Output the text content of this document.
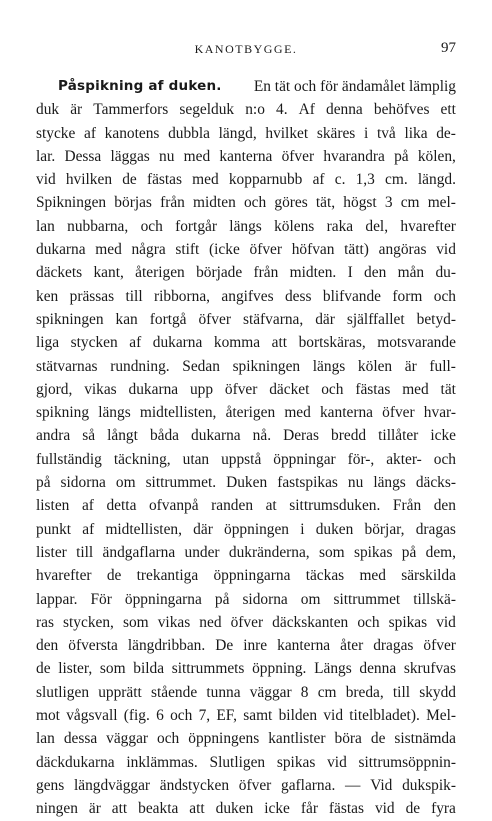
KANOTBYGGE.	97
Påspikning af duken. En tät och för ändamålet lämplig
duk är Tammerfors segelduk n:o 4. Af denna behöfves ett
stycke af kanotens dubbla längd, hvilket skäres i två lika de-
lar. Dessa läggas nu med kanterna öfver hvarandra på kölen,
vid hvilken de fästas med kopparnubb af c. 1,3 cm. längd.
Spikningen börjas från midten och göres tät, högst 3 cm mel-
lan nubbarna, och fortgår längs kölens raka del, hvarefter
dukarna med några stift (icke öfver höfvan tätt) angöras vid
däckets kant, återigen började från midten. I den mån du-
ken prässas till ribborna, angifves dess blifvande form och
spikningen kan fortgå öfver stäfvarna, där själffallet betyd-
liga stycken af dukarna komma att bortskäras, motsvarande
stätvarnas rundning. Sedan spikningen längs kölen är full-
gjord, vikas dukarna upp öfver däcket och fästas med tät
spikning längs midtellisten, återigen med kanterna öfver hvar-
andra så långt båda dukarna nå. Deras bredd tillåter icke
fullständig täckning, utan uppstå öppningar för-, akter- och
på sidorna om sittrummet. Duken fastspikas nu längs däcks-
listen af detta ofvanpå randen at sittrumsduken. Från den
punkt af midtellisten, där öppningen i duken börjar, dragas
lister till ändgaflarna under dukränderna, som spikas på dem,
hvarefter de trekantiga öppningarna täckas med särskilda
lappar. För öppningarna på sidorna om sittrummet tillskä-
ras stycken, som vikas ned öfver däckskanten och spikas vid
den öfversta längdribban. De inre kanterna åter dragas öfver
de lister, som bilda sittrummets öppning. Längs denna skrufvas
slutligen upprätt stående tunna väggar 8 cm breda, till skydd
mot vågsvall (fig. 6 och 7, EF, samt bilden vid titelbladet). Mel-
lan dessa väggar och öppningens kantlister böra de sistnämda
däckdukarna inklämmas. Slutligen spikas vid sittrumsöppnin-
gens längdväggar ändstycken öfver gaflarna. — Vid dukspik-
ningen är att beakta att duken icke får fästas vid de fyra
